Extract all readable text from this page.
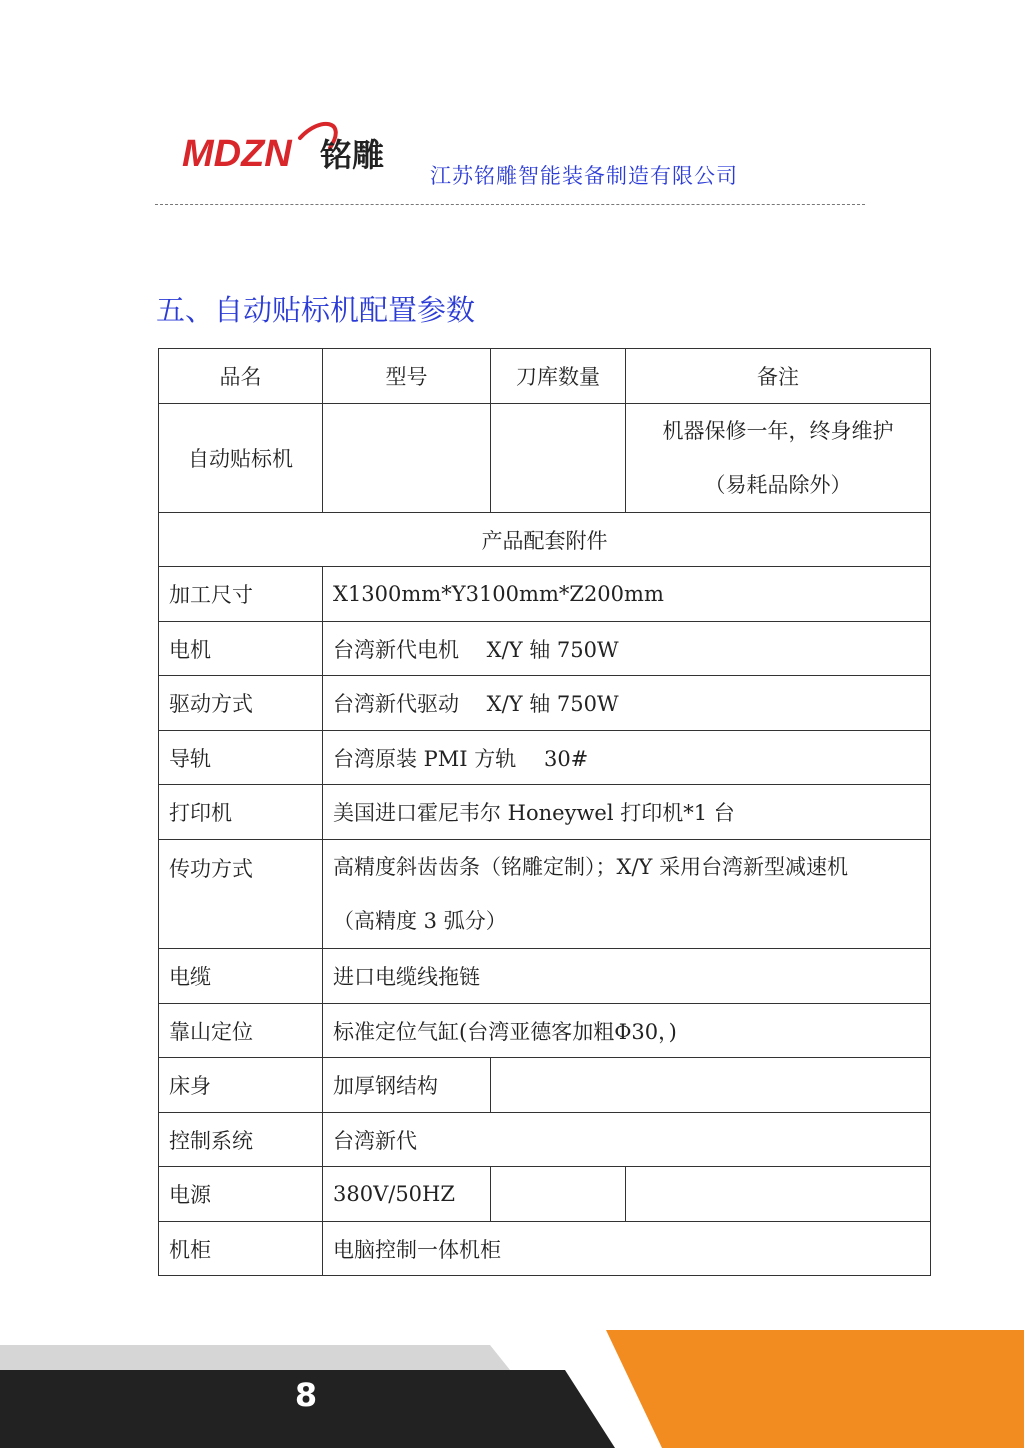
MDZN 铭雕
江苏铭雕智能装备制造有限公司
五、自动贴标机配置参数
品名	型号	刀库数量	备注
自动贴标机			机器保修一年，终身维护
（易耗品除外）

产品配套附件			
加工尺寸	X1300mm*Y3100mm*Z200mm		
电机	台湾新代电机　 X/Y 轴 750W		
驱动方式	台湾新代驱动　 X/Y 轴 750W		
导轨	台湾原装 PMI 方轨　 30#		
打印机	美国进口霍尼韦尔 Honeywel 打印机*1 台		
传功方式	高精度斜齿齿条（铭雕定制）；X/Y 采用台湾新型减速机
（高精度 3 弧分）		

电缆	进口电缆线拖链		
靠山定位	标准定位气缸(台湾亚德客加粗Φ30，)		
床身	加厚钢结构		
控制系统	台湾新代		
电源	380V/50HZ		
机柜	电脑控制一体机柜		
8
